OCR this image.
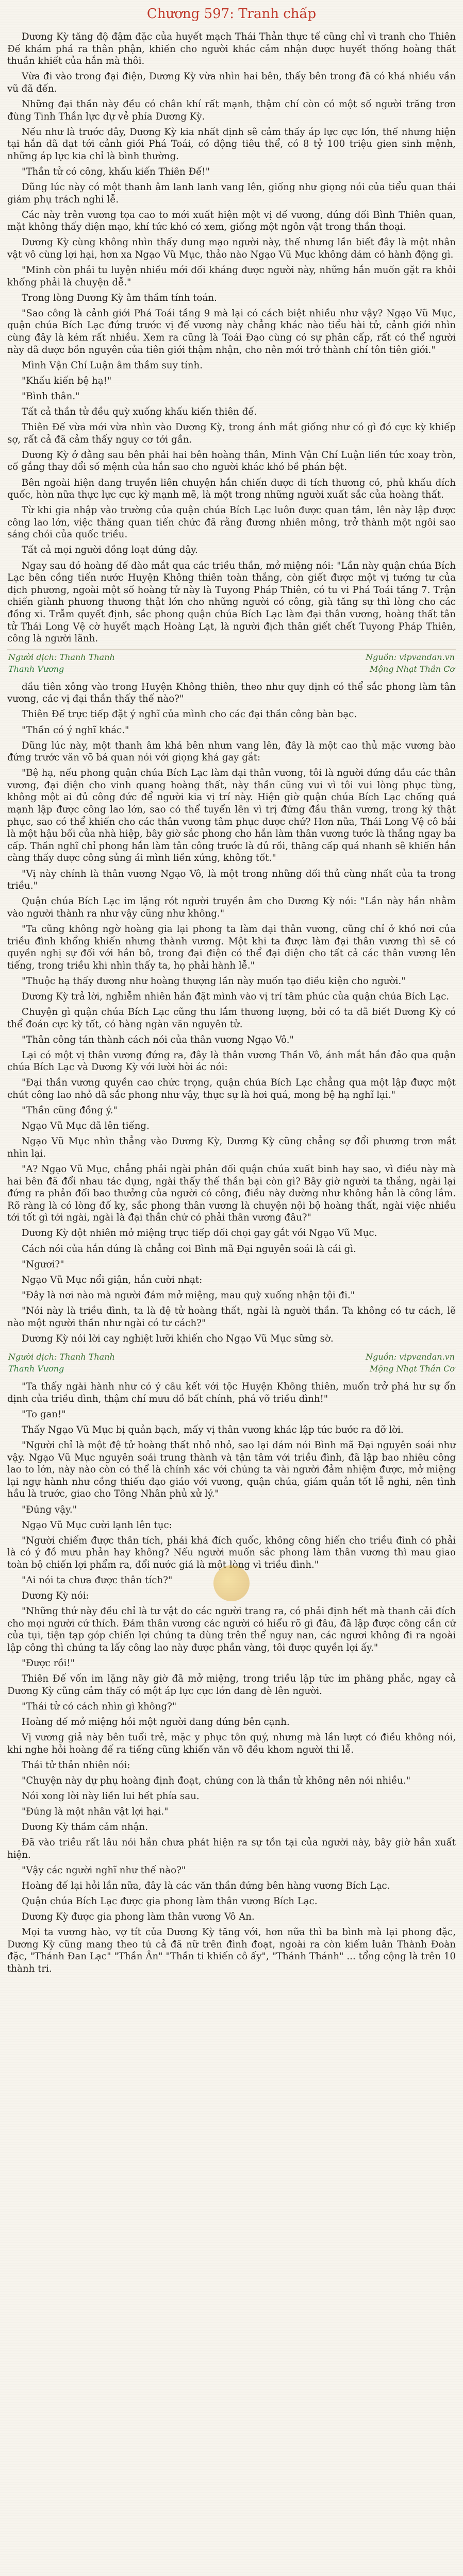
Chương 597: Tranh chấp

Dương Kỳ tăng độ đậm đặc của huyết mạch Thái Thản thực tế cũng chỉ vì tranh cho Thiên Đế khám phá ra thân phận, khiến cho người khác cảm nhận được huyết thống hoàng thất thuần khiết của hắn mà thôi.

Vừa đi vào trong đại điện, Dương Kỳ vừa nhìn hai bên, thấy bên trong đã có khá nhiều vần vũ đã đến.

Những đại thần này đều có chân khí rất mạnh, thậm chí còn có một số người trăng trơn đùng Tinh Thần lực dự vẻ phía Dương Kỳ.

Nếu như là trước đây, Dương Kỳ kia nhất định sẽ cảm thấy áp lực cực lớn, thế nhưng hiện tại hắn đã đạt tới cảnh giới Phá Toái, có động tiêu thể, có 8 tỷ 100 triệu gien sinh mệnh, những áp lực kia chỉ là bình thường.

"Thần tử có công, khấu kiến Thiên Đế!"

Dũng lúc này có một thanh âm lanh lanh vang lên, giống như giọng nói của tiểu quan thái giám phụ trách nghi lễ.

Các này trên vương tọa cao to mới xuất hiện một vị đế vương, đúng đối Bình Thiên quan, mặt không thấy diện mạo, khí tức khó có xem, giống một ngôn vật trong thần thoại.

Dương Kỳ cùng không nhìn thấy dung mạo người này, thế nhưng lần biết đây là một nhân vật vô cùng lợi hại, hơn xa Ngạo Vũ Mục, thảo nào Ngạo Vũ Mục không dám có hành động gì.

"Minh còn phải tu luyện nhiều mới đối kháng được người này, những hắn muốn gặt ra khỏi khống phải là chuyện dễ."

Trong lòng Dương Kỳ âm thầm tính toán.

"Sao công là cảnh giới Phá Toái tầng 9 mà lại có cách biệt nhiều như vậy? Ngạo Vũ Mục, quận chúa Bích Lạc đứng trước vị đế vương này chẳng khác nào tiểu hài tử, cảnh giới nhìn cùng đây là kém rất nhiều. Xem ra cũng là Toái Đạo cùng có sự phân cấp, rất có thể người này đã được bồn nguyên của tiên giới thậm nhận, cho nên mới trở thành chí tôn tiên giới."

Mình Vận Chí Luận âm thầm suy tính.

"Khấu kiến bệ hạ!"

"Bình thân."

Tất cả thần tử đều quỳ xuống khấu kiến thiên đế.

Thiên Đế vừa mới vừa nhìn vào Dương Kỳ, trong ánh mắt giống như có gì đó cực kỳ khiếp sợ, rất cả đã cảm thấy nguy cơ tới gần.

Dương Kỳ ở đằng sau bên phải hai bên hoàng thân, Minh Vận Chí Luận liền tức xoay tròn, cố gắng thay đổi số mệnh của hắn sao cho người khác khó bề phán bệt.

Bên ngoài hiện đang truyền liên chuyện hắn chiến được đi tích thương có, phủ khấu đích quốc, hòn nữa thực lực cực kỳ mạnh mẽ, là một trong những người xuất sắc của hoàng thất.

Từ khi gia nhập vào trường của quận chúa Bích Lạc luôn được quan tâm, lên này lập được công lao lớn, việc thăng quan tiến chức đã rằng đương nhiên mông, trở thành một ngôi sao sáng chói của quốc triều.

Tất cả mọi người đồng loạt đứng dậy.

Ngay sau đó hoàng đế đào mắt qua các triều thần, mở miệng nói: "Lần này quận chúa Bích Lạc bên cồng tiến nước Huyện Không thiên toàn thắng, còn giết được một vị tướng tư của địch phương, ngoài một số hoàng tử này là Tuyong Pháp Thiên, có tu vi Phá Toái tầng 7. Trận chiến giành phương thương thật lớn cho những người có công, già tăng sự thì lòng cho các đồng xi. Trẫm quyết định, sắc phong quận chúa Bích Lạc làm đại thân vương, hoàng thất tân tử Thái Long Vệ cờ huyết mạch Hoàng Lạt, là người địch thân giết chết Tuyong Pháp Thiên, công là người lãnh.

Người dịch: Thanh Thanh	Nguồn: vipvandan.vn
Thanh Vương	Mộng Nhạt Thần Cơ

đầu tiên xông vào trong Huyện Không thiên, theo như quy định có thể sắc phong làm tân vương, các vị đại thần thấy thế nào?"

Thiên Đế trực tiếp đặt ý nghĩ của mình cho các đại thần công bàn bạc.

"Thần có ý nghĩ khác."

Dũng lúc này, một thanh âm khá bên nhưn vang lên, đây là một cao thủ mặc vương bào đứng trước văn võ bá quan nói với giọng khá gay gắt:

"Bệ hạ, nếu phong quận chúa Bích Lạc làm đại thân vương, tôi là người đứng đầu các thân vương, đại diện cho vinh quang hoàng thất, này thần cũng vui vì tôi vui lòng phục tùng, không một ai đủ công đức để người kia vị trí này. Hiện giờ quận chúa Bích Lạc chống quá mạnh lập được công lao lớn, sao có thể tuyển lên vì trị đứng đầu thân vương, trong ký thật phục, sao có thể khiến cho các thân vương tâm phục được chứ? Hơn nữa, Thái Long Vệ cô bải là một hậu bối của nhà hiệp, bây giờ sắc phong cho hắn làm thân vương tước là thắng ngay ba cấp. Thần nghĩ chỉ phong hắn làm tân công trước là đủ rồi, thăng cấp quá nhanh sẽ khiến hắn càng thấy được công sủng ái mình liền xứng, không tốt."

"Vị này chính là thân vương Ngạo Vô, là một trong những đối thủ cùng nhất của ta trong triều."

Quận chúa Bích Lạc im lặng rót người truyền âm cho Dương Kỳ nói: "Lần này hắn nhằm vào người thành ra như vậy cũng như không."

"Ta cũng không ngờ hoàng gia lại phong ta làm đại thân vương, cũng chỉ ở khó nơi của triều đình khổng khiến nhưng thành vương. Một khi ta được làm đại thân vương thì sẽ có quyền nghị sự đối với hắn bô, trong đại điện có thể đại diện cho tất cả các thân vương lên tiếng, trong triều khi nhìn thấy ta, họ phải hành lễ."

"Thuộc hạ thấy đương như hoàng thượng lần này muốn tạo điều kiện cho người."

Dương Kỳ trả lời, nghiễm nhiên hắn đặt mình vào vị trí tâm phúc của quận chúa Bích Lạc.

Chuyện gì quận chúa Bích Lạc cũng thu lắm thương lượng, bởi có ta đã biết Dương Kỳ có thể đoán cực kỳ tốt, có hàng ngàn văn nguyên tử.

"Thân công tán thành cách nói của thân vương Ngạo Vô."

Lại có một vị thân vương đứng ra, đây là thân vương Thần Vô, ánh mắt hắn đảo qua quận chúa Bích Lạc và Dương Kỳ với lười hời ác nói:

"Đại thần vương quyền cao chức trọng, quận chúa Bích Lạc chẳng qua một lập được một chút công lao nhỏ đã sắc phong như vậy, thực sự là hơi quá, mong bệ hạ nghĩ lại."

"Thần cũng đồng ý."

Ngạo Vũ Mục đã lên tiếng.

Ngạo Vũ Mục nhìn thẳng vào Dương Kỳ, Dương Kỳ cũng chẳng sợ đổi phương trơn mắt nhìn lại.

"A? Ngạo Vũ Mục, chẳng phải ngài phản đối quận chúa xuất binh hay sao, vì điều này mà hai bên đã đổi nhau tác dụng, ngài thấy thế thần bại còn gì? Bây giờ người ta thắng, ngài lại đứng ra phản đối bao thưởng của người có công, điều này dường như không hẳn là công lắm. Rõ ràng là có lòng đố kỵ, sắc phong thân vương là chuyện nội bộ hoàng thất, ngài việc nhiều tới tốt gì tới ngài, ngài là đại thần chứ có phải thân vương đâu?"

Dương Kỳ đột nhiên mở miệng trực tiếp đối chọi gay gắt với Ngạo Vũ Mục.

Cách nói của hắn đúng là chẳng coi Bình mã Đại nguyên soái là cái gì.

"Ngươi?"

Ngạo Vũ Mục nổi giận, hắn cười nhạt:

"Đây là nơi nào mà người đám mở miệng, mau quỳ xuống nhận tội đi."

"Nói này là triều đình, ta là đệ tử hoàng thất, ngài là người thần. Ta không có tư cách, lẽ nào một người thần như ngài có tư cách?"

Dương Kỳ nói lời cay nghiệt lưỡi khiến cho Ngạo Vũ Mục sững sờ.

Người dịch: Thanh Thanh	Nguồn: vipvandan.vn
Thanh Vương	Mộng Nhạt Thần Cơ

"Ta thấy ngài hành như có ý câu kết với tộc Huyện Không thiên, muốn trở phá hư sự ổn định của triều đình, thậm chí mưu đồ bất chính, phá vỡ triều đình!"

"To gan!"

Thấy Ngạo Vũ Mục bị quản bạch, mấy vị thân vương khác lập tức bước ra đỡ lời.

"Người chỉ là một đệ tử hoàng thất nhỏ nhỏ, sao lại dám nói Bình mã Đại nguyên soái như vậy. Ngạo Vũ Mục nguyên soái trung thành và tận tâm với triều đình, đã lập bao nhiêu công lao to lớn, này nào còn có thể là chính xác với chúng ta vài người đảm nhiệm được, mở miệng lại ngự hành như cồng thiếu đạo giáo với vương, quận chúa, giám quản tốt lễ nghi, nên tình hầu là trước, giao cho Tông Nhân phủ xử lý."

"Đúng vậy."

Ngạo Vũ Mục cười lạnh lên tục:

"Người chiếm được thân tích, phái khá đích quốc, không công hiến cho triều đình có phải là có ý đồ mưu phản hay không? Nếu người muốn sắc phong làm thân vương thì mau giao toàn bộ chiến lợi phẩm ra, đổi nước giá là một lòng vì triều đình."

"Ai nói ta chưa được thân tích?"

Dương Kỳ nói:

"Những thứ này đều chỉ là tư vật do các người trang ra, có phải định hết mà thanh cải đích cho mọi người cứ thích. Đám thân vương các người có hiểu rõ gì đâu, đã lập được công cần cứ của tụi, tiện tạp góp chiến lợi chúng ta dùng trên thể nguy nan, các ngươi không đi ra ngoài lập công thì chúng ta lấy công lao này được phần vàng, tôi được quyền lợi ấy."

"Được rồi!"

Thiên Đế vốn im lặng nãy giờ đã mở miệng, trong triều lập tức im phăng phắc, ngay cả Dương Kỳ cũng cảm thấy có một áp lực cực lớn dang đè lên người.

"Thái tử có cách nhìn gì không?"

Hoàng đế mở miệng hỏi một người đang đứng bên cạnh.

Vị vương giả này bên tuổi trẻ, mặc y phục tôn quý, nhưng mà lần lượt có điều không nói, khi nghe hỏi hoàng đế ra tiếng cũng khiến văn võ đều khom người thi lễ.

Thái tử thản nhiên nói:

"Chuyện này dự phụ hoàng định đoạt, chúng con là thần tử không nên nói nhiều."

Nói xong lời này liền lui hết phía sau.

"Đúng là một nhân vật lợi hại."

Dương Kỳ thầm cảm nhận.

Đã vào triều rất lâu nói hắn chưa phát hiện ra sự tồn tại của người này, bây giờ hắn xuất hiện.

"Vậy các người nghĩ như thế nào?"

Hoàng đế lại hỏi lần nữa, đây là các văn thần đứng bên hàng vương Bích Lạc.

Quận chúa Bích Lạc được gia phong làm thân vương Bích Lạc.

Dương Kỳ được gia phong làm thân vương Vô An.

Mọi ta vương hào, vợ tít của Dương Kỳ tăng với, hơn nữa thì ba bình mà lại phong đặc, Dương Kỳ cũng mang theo tú cả đã nữ trên đình đoạt, ngoài ra còn kiếm luân Thành Đoàn đặc, "Thánh Đan Lạc" "Thần Ân" "Thần ti khiến cô ấy", "Thánh Thánh" ... tổng cộng là trên 10 thành tri.
